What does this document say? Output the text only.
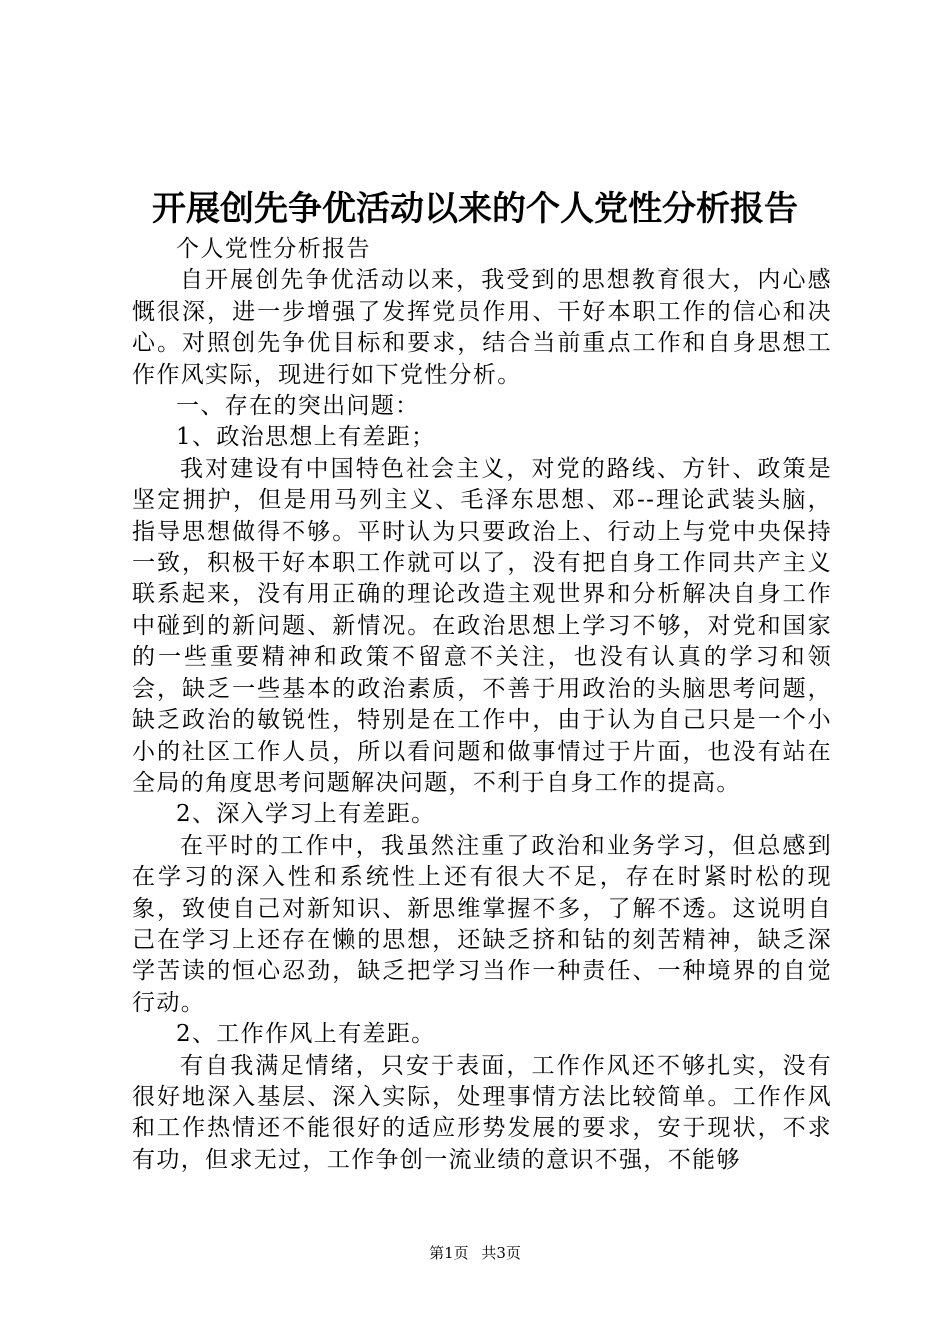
开展创先争优活动以来的个人党性分析报告

个人党性分析报告

自开展创先争优活动以来，我受到的思想教育很大，内心感慨很深，进一步增强了发挥党员作用、干好本职工作的信心和决心。对照创先争优目标和要求，结合当前重点工作和自身思想工作作风实际，现进行如下党性分析。

一、存在的突出问题：

1、政治思想上有差距；

我对建设有中国特色社会主义，对党的路线、方针、政策是坚定拥护，但是用马列主义、毛泽东思想、邓--理论武装头脑，指导思想做得不够。平时认为只要政治上、行动上与党中央保持一致，积极干好本职工作就可以了，没有把自身工作同共产主义联系起来，没有用正确的理论改造主观世界和分析解决自身工作中碰到的新问题、新情况。在政治思想上学习不够，对党和国家的一些重要精神和政策不留意不关注，也没有认真的学习和领会，缺乏一些基本的政治素质，不善于用政治的头脑思考问题，缺乏政治的敏锐性，特别是在工作中，由于认为自己只是一个小小的社区工作人员，所以看问题和做事情过于片面，也没有站在全局的角度思考问题解决问题，不利于自身工作的提高。

2、深入学习上有差距。

在平时的工作中，我虽然注重了政治和业务学习，但总感到在学习的深入性和系统性上还有很大不足，存在时紧时松的现象，致使自己对新知识、新思维掌握不多，了解不透。这说明自己在学习上还存在懒的思想，还缺乏挤和钻的刻苦精神，缺乏深学苦读的恒心忍劲，缺乏把学习当作一种责任、一种境界的自觉行动。

2、工作作风上有差距。

有自我满足情绪，只安于表面，工作作风还不够扎实，没有很好地深入基层、深入实际，处理事情方法比较简单。工作作风和工作热情还不能很好的适应形势发展的要求，安于现状，不求有功，但求无过，工作争创一流业绩的意识不强，不能够

第1页 共3页
